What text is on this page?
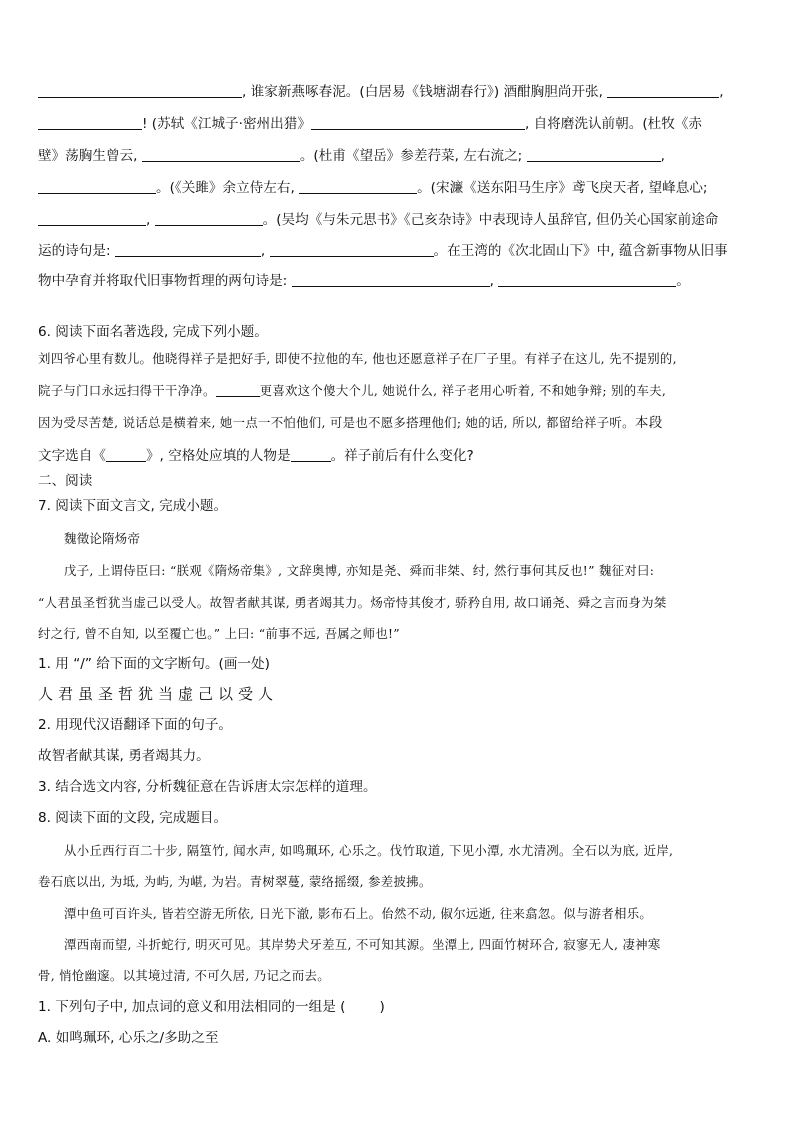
, 谁家新燕啄春泥。(白居易《钱塘湖春行》) 酒酣胸胆尚开张,	,
! (苏轼《江城子·密州出猎》	, 自将磨洗认前朝。(杜牧《赤
壁》荡胸生曾云,	。(杜甫《望岳》参差荇菜, 左右流之;	,
。(《关雎》余立侍左右,	。(宋濂《送东阳马生序》鸢飞戾天者, 望峰息心;
,	。(吴均《与朱元思书》《己亥杂诗》中表现诗人虽辞官, 但仍关心国家前途命
运的诗句是:	,	。在王湾的《次北固山下》中, 蕴含新事物从旧事
物中孕育并将取代旧事物哲理的两句诗是:	,	。
6. 阅读下面名著选段, 完成下列小题。
刘四爷心里有数儿。他晓得祥子是把好手, 即使不拉他的车, 他也还愿意祥子在厂子里。有祥子在这儿, 先不提别的,
院子与门口永远扫得干干净净。	更喜欢这个傻大个儿, 她说什么, 祥子老用心听着, 不和她争辩; 别的车夫,
因为受尽苦楚, 说话总是横着来, 她一点一不怕他们, 可是也不愿多搭理他们; 她的话, 所以, 都留给祥子听。本段
文字选自《	》, 空格处应填的人物是	。祥子前后有什么变化?
二、阅读
7. 阅读下面文言文, 完成小题。
魏徵论隋炀帝
戊子, 上谓侍臣曰: “朕观《隋炀帝集》, 文辞奥博, 亦知是尧、舜而非桀、纣, 然行事何其反也!” 魏征对曰:
“人君虽圣哲犹当虚己以受人。故智者献其谋, 勇者竭其力。炀帝恃其俊才, 骄矜自用, 故口诵尧、舜之言而身为桀
纣之行, 曾不自知, 以至覆亡也。” 上曰: “前事不远, 吾属之师也!”
1. 用 “/” 给下面的文字断句。(画一处)
人君虽圣哲犹当虚己以受人
2. 用现代汉语翻译下面的句子。
故智者献其谋, 勇者竭其力。
3. 结合选文内容, 分析魏征意在告诉唐太宗怎样的道理。
8. 阅读下面的文段, 完成题目。
从小丘西行百二十步, 隔篁竹, 闻水声, 如鸣珮环, 心乐之。伐竹取道, 下见小潭, 水尤清冽。全石以为底, 近岸,
卷石底以出, 为坻, 为屿, 为嵁, 为岩。青树翠蔓, 蒙络摇缀, 参差披拂。
潭中鱼可百许头, 皆若空游无所依, 日光下澈, 影布石上。佁然不动, 俶尔远逝, 往来翕忽。似与游者相乐。
潭西南而望, 斗折蛇行, 明灭可见。其岸势犬牙差互, 不可知其源。坐潭上, 四面竹树环合, 寂寥无人, 凄神寒
骨, 悄怆幽邃。以其境过清, 不可久居, 乃记之而去。
1. 下列句子中, 加点词的意义和用法相同的一组是 (	)
A. 如鸣珮环, 心乐之/多助之至
